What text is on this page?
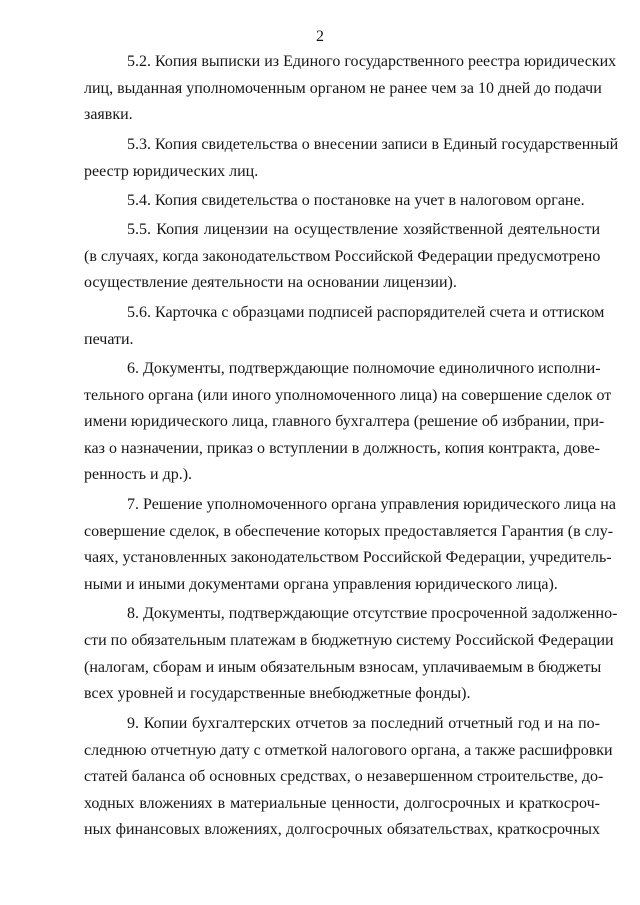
2
5.2. Копия выписки из Единого государственного реестра юридических
лиц, выданная уполномоченным органом не ранее чем за 10 дней до подачи
заявки.
5.3. Копия свидетельства о внесении записи в Единый государственный
реестр юридических лиц.
5.4. Копия свидетельства о постановке на учет в налоговом органе.
5.5. Копия лицензии на осуществление хозяйственной деятельности
(в случаях, когда законодательством Российской Федерации предусмотрено
осуществление деятельности на основании лицензии).
5.6. Карточка с образцами подписей распорядителей счета и оттиском
печати.
6. Документы, подтверждающие полномочие единоличного исполни-
тельного органа (или иного уполномоченного лица) на совершение сделок от
имени юридического лица, главного бухгалтера (решение об избрании, при-
каз о назначении, приказ о вступлении в должность, копия контракта, дове-
ренность и др.).
7. Решение уполномоченного органа управления юридического лица на
совершение сделок, в обеспечение которых предоставляется Гарантия (в слу-
чаях, установленных законодательством Российской Федерации, учредитель-
ными и иными документами органа управления юридического лица).
8. Документы, подтверждающие отсутствие просроченной задолженно-
сти по обязательным платежам в бюджетную систему Российской Федерации
(налогам, сборам и иным обязательным взносам, уплачиваемым в бюджеты
всех уровней и государственные внебюджетные фонды).
9. Копии бухгалтерских отчетов за последний отчетный год и на по-
следнюю отчетную дату с отметкой налогового органа, а также расшифровки
статей баланса об основных средствах, о незавершенном строительстве, до-
ходных вложениях в материальные ценности, долгосрочных и краткосроч-
ных финансовых вложениях, долгосрочных обязательствах, краткосрочных
